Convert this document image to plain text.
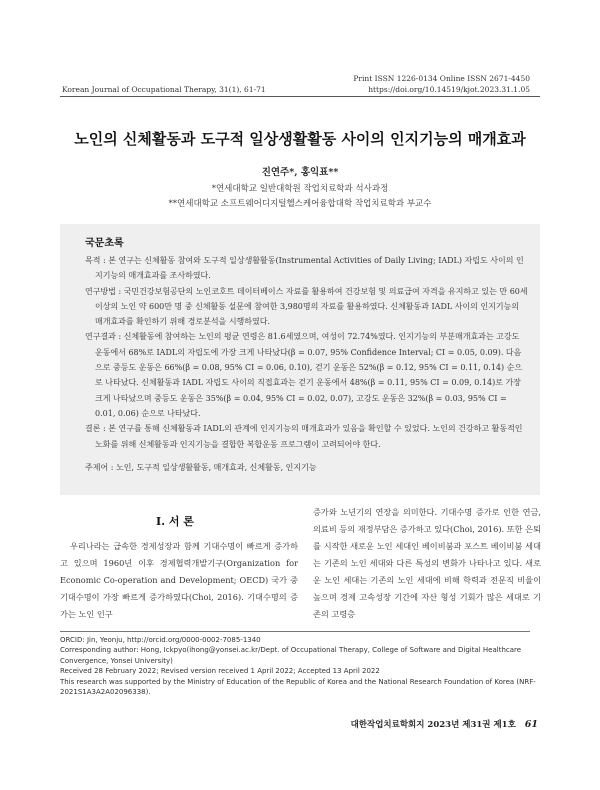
Korean Journal of Occupational Therapy, 31(1), 61-71
Print ISSN 1226-0134 Online ISSN 2671-4450
https://doi.org/10.14519/kjot.2023.31.1.05
노인의 신체활동과 도구적 일상생활활동 사이의 인지기능의 매개효과
진연주*, 홍익표**
*연세대학교 일반대학원 작업치료학과 석사과정
**연세대학교 소프트웨어디지털헬스케어융합대학 작업치료학과 부교수
국문초록
목적 : 본 연구는 신체활동 참여와 도구적 일상생활활동(Instrumental Activities of Daily Living; IADL) 자립도 사이의 인지기능의 매개효과를 조사하였다.
연구방법 : 국민건강보험공단의 노인코호트 데이터베이스 자료를 활용하여 건강보험 및 의료급여 자격을 유지하고 있는 만 60세 이상의 노인 약 600만 명 중 신체활동 설문에 참여한 3,980명의 자료를 활용하였다. 신체활동과 IADL 사이의 인지기능의 매개효과를 확인하기 위해 경로분석을 시행하였다.
연구결과 : 신체활동에 참여하는 노인의 평균 연령은 81.6세였으며, 여성이 72.74%였다. 인지기능의 부분매개효과는 고강도 운동에서 68%로 IADL의 자립도에 가장 크게 나타났다(β = 0.07, 95% Confidence Interval; CI = 0.05, 0.09). 다음으로 중등도 운동은 66%(β = 0.08, 95% CI = 0.06, 0.10), 걷기 운동은 52%(β = 0.12, 95% CI = 0.11, 0.14) 순으로 나타났다. 신체활동과 IADL 자립도 사이의 직접효과는 걷기 운동에서 48%(β = 0.11, 95% CI = 0.09, 0.14)로 가장 크게 나타났으며 중등도 운동은 35%(β = 0.04, 95% CI = 0.02, 0.07), 고강도 운동은 32%(β = 0.03, 95% CI = 0.01, 0.06) 순으로 나타났다.
결론 : 본 연구를 통해 신체활동과 IADL의 관계에 인지기능의 매개효과가 있음을 확인할 수 있었다. 노인의 건강하고 활동적인 노화를 위해 신체활동과 인지기능을 결합한 복합운동 프로그램이 고려되어야 한다.
주제어 : 노인, 도구적 일상생활활동, 매개효과, 신체활동, 인지기능
Ⅰ. 서 론

우리나라는 급속한 경제성장과 함께 기대수명이 빠르게 증가하고 있으며 1960년 이후 경제협력개발기구(Organization for Economic Co-operation and Development; OECD) 국가 중 기대수명이 가장 빠르게 증가하였다(Choi, 2016). 기대수명의 증가는 노인 인구

증가와 노년기의 연장을 의미한다. 기대수명 증가로 인한 연금, 의료비 등의 재정부담은 증가하고 있다(Choi, 2016). 또한 은퇴를 시작한 새로운 노인 세대인 베이비붐과 포스트 베이비붐 세대는 기존의 노인 세대와 다른 특성의 변화가 나타나고 있다. 새로운 노인 세대는 기존의 노인 세대에 비해 학력과 전문직 비율이 높으며 경제 고속성장 기간에 자산 형성 기회가 많은 세대로 기존의 고령층

ORCID: Jin, Yeonju, http://orcid.org/0000-0002-7085-1340
Corresponding author: Hong, Ickpyo(ihong@yonsei.ac.kr/Dept. of Occupational Therapy, College of Software and Digital Healthcare Convergence, Yonsei University)
Received 28 February 2022; Revised version received 1 April 2022; Accepted 13 April 2022
This research was supported by the Ministry of Education of the Republic of Korea and the National Research Foundation of Korea (NRF-2021S1A3A2A02096338).
대한작업치료학회지 2023년 제31권 제1호 61
